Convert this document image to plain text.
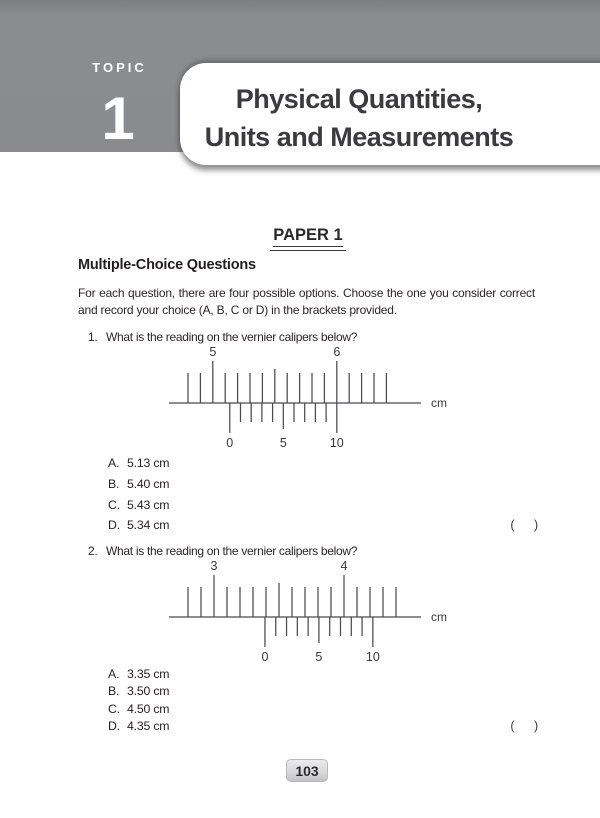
TOPIC
1	Physical Quantities,
Units and Measurements
PAPER 1
Multiple-Choice Questions
For each question, there are four possible options. Choose the one you consider correct and record your choice (A, B, C or D) in the brackets provided.
1. What is the reading on the vernier calipers below?
cm
5	6
0	5	10
A. 5.13 cm
B. 5.40 cm
C. 5.43 cm
D. 5.34 cm	(      )
2. What is the reading on the vernier calipers below?
cm
3	4
0	5	10
A. 3.35 cm
B. 3.50 cm
C. 4.50 cm
D. 4.35 cm	(      )
103
